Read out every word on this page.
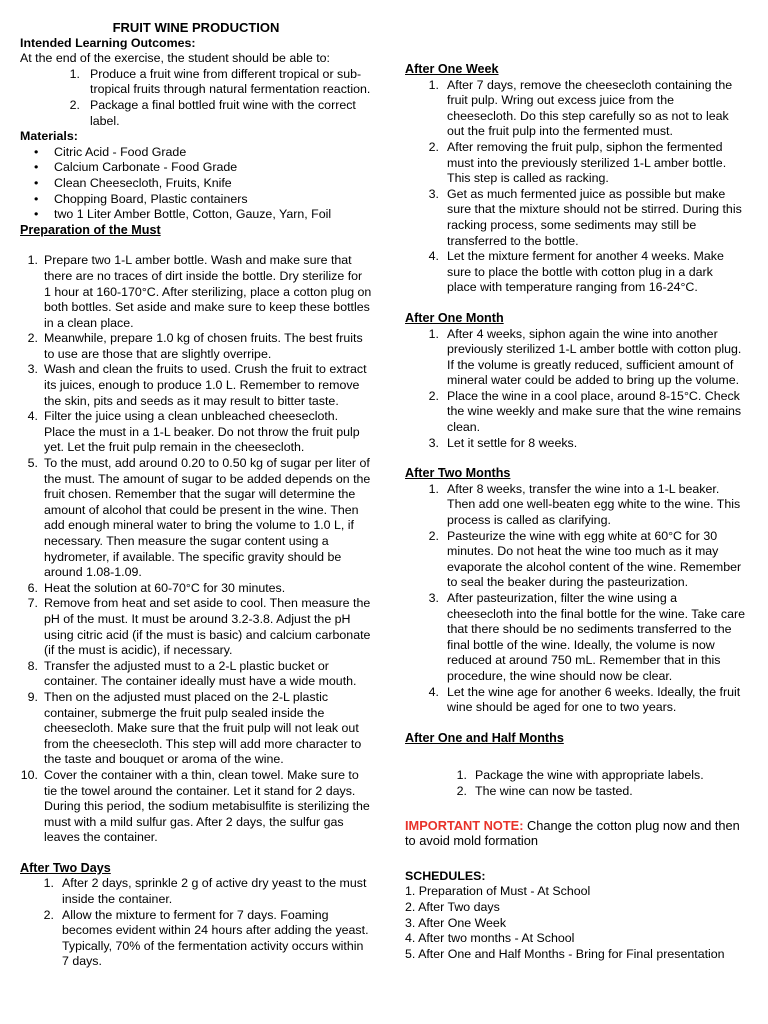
FRUIT WINE PRODUCTION

Intended Learning Outcomes:

At the end of the exercise, the student should be able to:

1. Produce a fruit wine from different tropical or sub-tropical fruits through natural fermentation reaction.
2. Package a final bottled fruit wine with the correct label.

Materials:

• Citric Acid - Food Grade
• Calcium Carbonate - Food Grade
• Clean Cheesecloth, Fruits, Knife
• Chopping Board, Plastic containers
• two 1 Liter Amber Bottle, Cotton, Gauze, Yarn, Foil

Preparation of the Must

1. Prepare two 1-L amber bottle. Wash and make sure that there are no traces of dirt inside the bottle. Dry sterilize for 1 hour at 160-170°C. After sterilizing, place a cotton plug on both bottles. Set aside and make sure to keep these bottles in a clean place.
2. Meanwhile, prepare 1.0 kg of chosen fruits. The best fruits to use are those that are slightly overripe.
3. Wash and clean the fruits to used. Crush the fruit to extract its juices, enough to produce 1.0 L. Remember to remove the skin, pits and seeds as it may result to bitter taste.
4. Filter the juice using a clean unbleached cheesecloth. Place the must in a 1-L beaker. Do not throw the fruit pulp yet. Let the fruit pulp remain in the cheesecloth.
5. To the must, add around 0.20 to 0.50 kg of sugar per liter of the must. The amount of sugar to be added depends on the fruit chosen. Remember that the sugar will determine the amount of alcohol that could be present in the wine. Then add enough mineral water to bring the volume to 1.0 L, if necessary. Then measure the sugar content using a hydrometer, if available. The specific gravity should be around 1.08-1.09.
6. Heat the solution at 60-70°C for 30 minutes.
7. Remove from heat and set aside to cool. Then measure the pH of the must. It must be around 3.2-3.8. Adjust the pH using citric acid (if the must is basic) and calcium carbonate (if the must is acidic), if necessary.
8. Transfer the adjusted must to a 2-L plastic bucket or container. The container ideally must have a wide mouth.
9. Then on the adjusted must placed on the 2-L plastic container, submerge the fruit pulp sealed inside the cheesecloth. Make sure that the fruit pulp will not leak out from the cheesecloth. This step will add more character to the taste and bouquet or aroma of the wine.
10. Cover the container with a thin, clean towel. Make sure to tie the towel around the container. Let it stand for 2 days. During this period, the sodium metabisulfite is sterilizing the must with a mild sulfur gas. After 2 days, the sulfur gas leaves the container.

After Two Days

1. After 2 days, sprinkle 2 g of active dry yeast to the must inside the container.
2. Allow the mixture to ferment for 7 days. Foaming becomes evident within 24 hours after adding the yeast. Typically, 70% of the fermentation activity occurs within 7 days.

After One Week

1. After 7 days, remove the cheesecloth containing the fruit pulp. Wring out excess juice from the cheesecloth. Do this step carefully so as not to leak out the fruit pulp into the fermented must.
2. After removing the fruit pulp, siphon the fermented must into the previously sterilized 1-L amber bottle. This step is called as racking.
3. Get as much fermented juice as possible but make sure that the mixture should not be stirred. During this racking process, some sediments may still be transferred to the bottle.
4. Let the mixture ferment for another 4 weeks. Make sure to place the bottle with cotton plug in a dark place with temperature ranging from 16-24°C.

After One Month

1. After 4 weeks, siphon again the wine into another previously sterilized 1-L amber bottle with cotton plug. If the volume is greatly reduced, sufficient amount of mineral water could be added to bring up the volume.
2. Place the wine in a cool place, around 8-15°C. Check the wine weekly and make sure that the wine remains clean.
3. Let it settle for 8 weeks.

After Two Months

1. After 8 weeks, transfer the wine into a 1-L beaker. Then add one well-beaten egg white to the wine. This process is called as clarifying.
2. Pasteurize the wine with egg white at 60°C for 30 minutes. Do not heat the wine too much as it may evaporate the alcohol content of the wine. Remember to seal the beaker during the pasteurization.
3. After pasteurization, filter the wine using a cheesecloth into the final bottle for the wine. Take care that there should be no sediments transferred to the final bottle of the wine. Ideally, the volume is now reduced at around 750 mL. Remember that in this procedure, the wine should now be clear.
4. Let the wine age for another 6 weeks. Ideally, the fruit wine should be aged for one to two years.

After One and Half Months

1. Package the wine with appropriate labels.
2. The wine can now be tasted.

IMPORTANT NOTE: Change the cotton plug now and then to avoid mold formation

SCHEDULES:

1. Preparation of Must - At School

2. After Two days

3. After One Week

4. After two months - At School

5. After One and Half Months - Bring for Final presentation
